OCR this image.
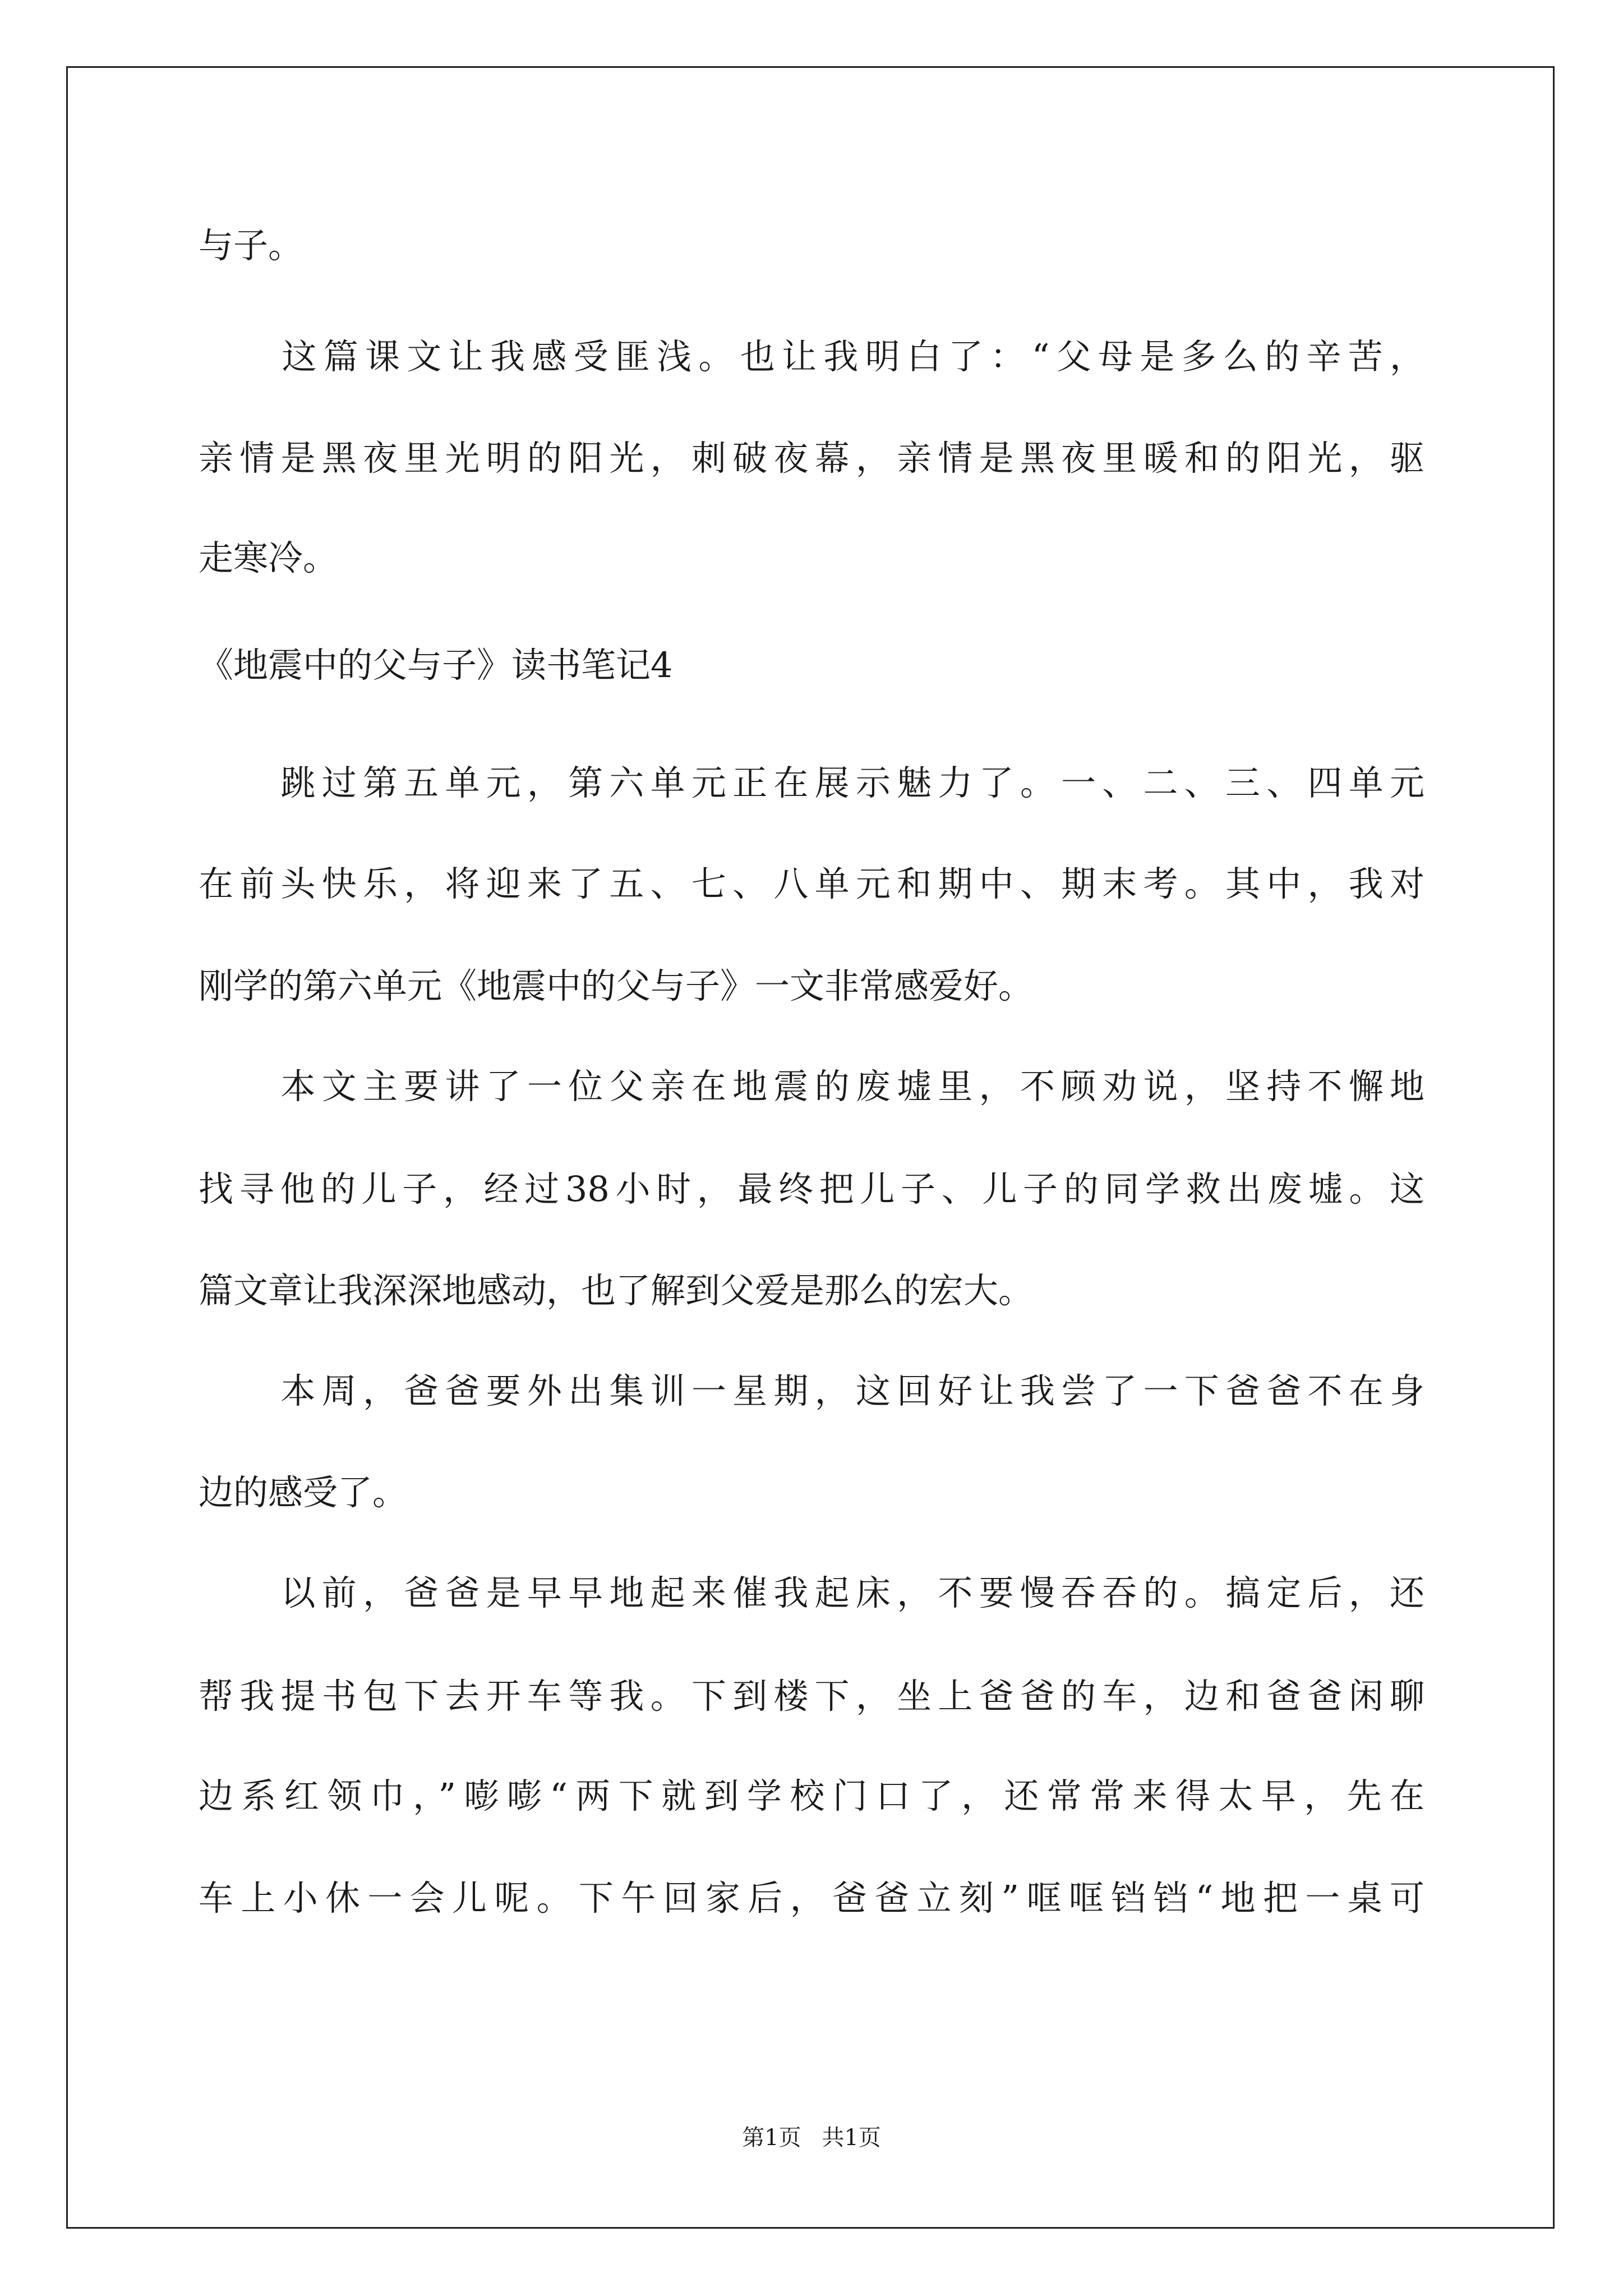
与子。
　　这篇课文让我感受匪浅。也让我明白了：“父母是多么的辛苦，
亲情是黑夜里光明的阳光，刺破夜幕，亲情是黑夜里暖和的阳光，驱
走寒冷。
《地震中的父与子》读书笔记4
　　跳过第五单元，第六单元正在展示魅力了。一、二、三、四单元
在前头快乐，将迎来了五、七、八单元和期中、期末考。其中，我对
刚学的第六单元《地震中的父与子》一文非常感爱好。
　　本文主要讲了一位父亲在地震的废墟里，不顾劝说，坚持不懈地
找寻他的儿子，经过38小时，最终把儿子、儿子的同学救出废墟。这
篇文章让我深深地感动，也了解到父爱是那么的宏大。
　　本周，爸爸要外出集训一星期，这回好让我尝了一下爸爸不在身
边的感受了。
　　以前，爸爸是早早地起来催我起床，不要慢吞吞的。搞定后，还
帮我提书包下去开车等我。下到楼下，坐上爸爸的车，边和爸爸闲聊
边系红领巾，”嘭嘭“两下就到学校门口了，还常常来得太早，先在
车上小休一会儿呢。下午回家后，爸爸立刻”哐哐铛铛“地把一桌可
第1页 共1页
